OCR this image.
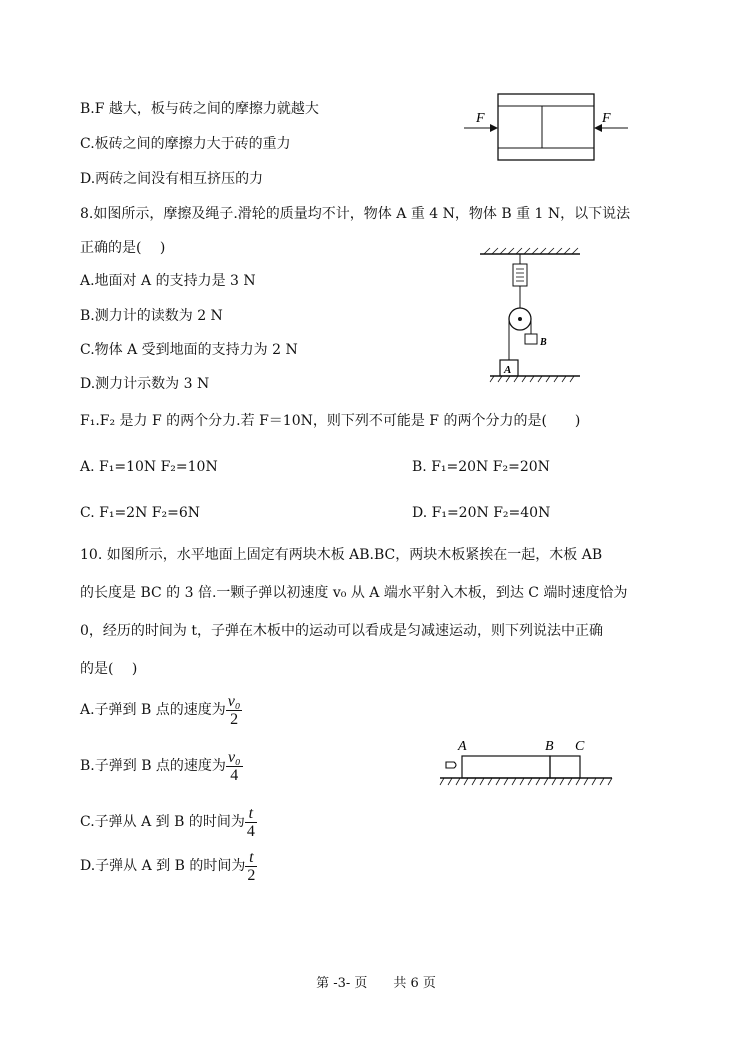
B.F 越大，板与砖之间的摩擦力就越大
C.板砖之间的摩擦力大于砖的重力
D.两砖之间没有相互挤压的力
F	F
8.如图所示，摩擦及绳子.滑轮的质量均不计，物体 A 重 4 N，物体 B 重 1 N，以下说法
正确的是(　 )
A.地面对 A 的支持力是 3 N
B.测力计的读数为 2 N
C.物体 A 受到地面的支持力为 2 N
D.测力计示数为 3 N
B
A
F₁.F₂ 是力 F 的两个分力.若 F＝10N，则下列不可能是 F 的两个分力的是(　　)
A. F₁=10N F₂=10N	B. F₁=20N F₂=20N
C. F₁=2N F₂=6N	D. F₁=20N F₂=40N
10. 如图所示，水平地面上固定有两块木板 AB.BC，两块木板紧挨在一起，木板 AB
的长度是 BC 的 3 倍.一颗子弹以初速度 v₀ 从 A 端水平射入木板，到达 C 端时速度恰为
0，经历的时间为 t，子弹在木板中的运动可以看成是匀减速运动，则下列说法中正确
的是(　 )
A.子弹到 B 点的速度为 $\frac{\text{v₀}}{2}$
B.子弹到 B 点的速度为 $\frac{\text{v₀}}{4}$
C.子弹从 A 到 B 的时间为 $\frac{t}{4}$
D.子弹从 A 到 B 的时间为 $\frac{t}{2}$
A	B C
第 -3- 页　　共 6 页
